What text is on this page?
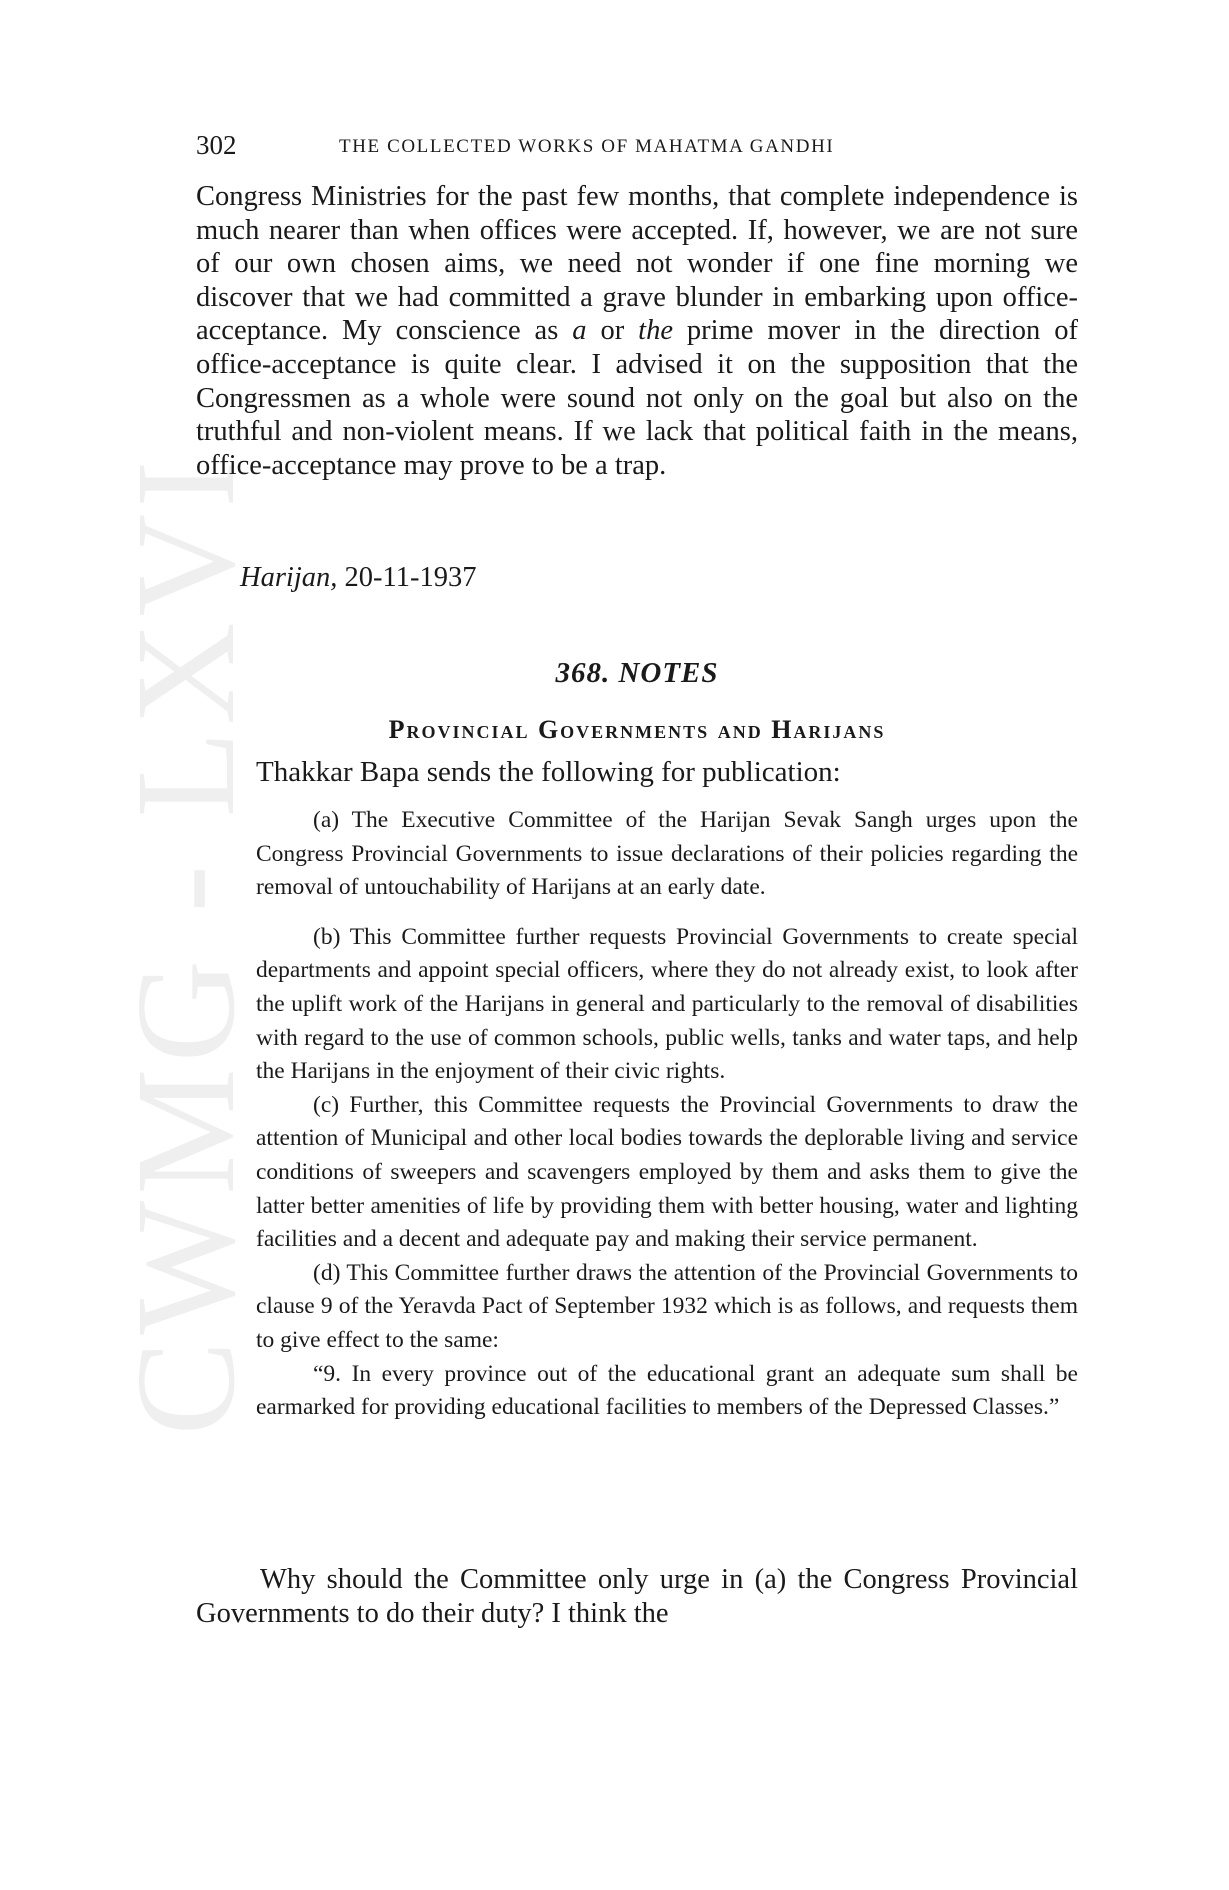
CWMG - LXVI
302	THE COLLECTED WORKS OF MAHATMA GANDHI

Congress Ministries for the past few months, that complete independence is much nearer than when offices were accepted. If, however, we are not sure of our own chosen aims, we need not wonder if one fine morning we discover that we had committed a grave blunder in embarking upon office-acceptance. My conscience as a or the prime mover in the direction of office-acceptance is quite clear. I advised it on the supposition that the Congressmen as a whole were sound not only on the goal but also on the truthful and non-violent means. If we lack that political faith in the means, office-acceptance may prove to be a trap.

Harijan, 20-11-1937

368. NOTES
Provincial Governments and Harijans

Thakkar Bapa sends the following for publication:

(a) The Executive Committee of the Harijan Sevak Sangh urges upon the Congress Provincial Governments to issue declarations of their policies regarding the removal of untouchability of Harijans at an early date.

(b) This Committee further requests Provincial Governments to create special departments and appoint special officers, where they do not already exist, to look after the uplift work of the Harijans in general and particularly to the removal of disabilities with regard to the use of common schools, public wells, tanks and water taps, and help the Harijans in the enjoyment of their civic rights.

(c) Further, this Committee requests the Provincial Governments to draw the attention of Municipal and other local bodies towards the deplorable living and service conditions of sweepers and scavengers employed by them and asks them to give the latter better amenities of life by providing them with better housing, water and lighting facilities and a decent and adequate pay and making their service permanent.

(d) This Committee further draws the attention of the Provincial Governments to clause 9 of the Yeravda Pact of September 1932 which is as follows, and requests them to give effect to the same:

“9. In every province out of the educational grant an adequate sum shall be earmarked for providing educational facilities to members of the Depressed Classes.”

Why should the Committee only urge in (a) the Congress Provincial Governments to do their duty? I think the
